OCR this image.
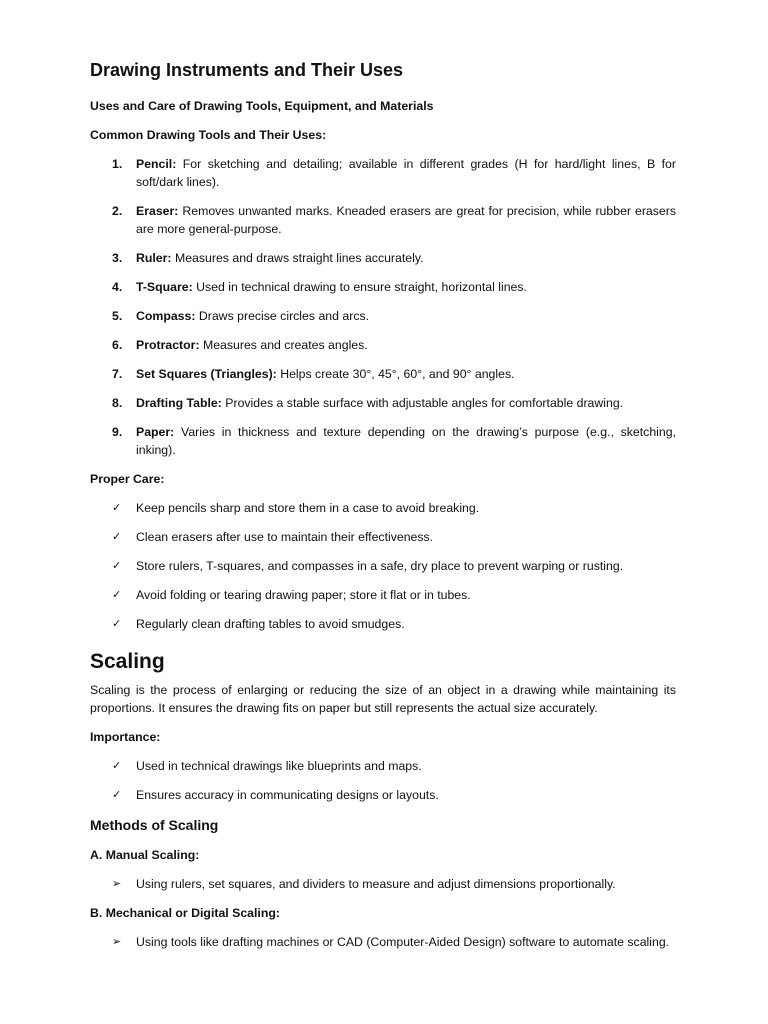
Drawing Instruments and Their Uses
Uses and Care of Drawing Tools, Equipment, and Materials
Common Drawing Tools and Their Uses:
1. Pencil: For sketching and detailing; available in different grades (H for hard/light lines, B for soft/dark lines).
2. Eraser: Removes unwanted marks. Kneaded erasers are great for precision, while rubber erasers are more general-purpose.
3. Ruler: Measures and draws straight lines accurately.
4. T-Square: Used in technical drawing to ensure straight, horizontal lines.
5. Compass: Draws precise circles and arcs.
6. Protractor: Measures and creates angles.
7. Set Squares (Triangles): Helps create 30°, 45°, 60°, and 90° angles.
8. Drafting Table: Provides a stable surface with adjustable angles for comfortable drawing.
9. Paper: Varies in thickness and texture depending on the drawing’s purpose (e.g., sketching, inking).
Proper Care:
✓ Keep pencils sharp and store them in a case to avoid breaking.
✓ Clean erasers after use to maintain their effectiveness.
✓ Store rulers, T-squares, and compasses in a safe, dry place to prevent warping or rusting.
✓ Avoid folding or tearing drawing paper; store it flat or in tubes.
✓ Regularly clean drafting tables to avoid smudges.
Scaling

Scaling is the process of enlarging or reducing the size of an object in a drawing while maintaining its proportions. It ensures the drawing fits on paper but still represents the actual size accurately.

Importance:
✓ Used in technical drawings like blueprints and maps.
✓ Ensures accuracy in communicating designs or layouts.
Methods of Scaling
A. Manual Scaling:
➢ Using rulers, set squares, and dividers to measure and adjust dimensions proportionally.
B. Mechanical or Digital Scaling:
➢ Using tools like drafting machines or CAD (Computer-Aided Design) software to automate scaling.
